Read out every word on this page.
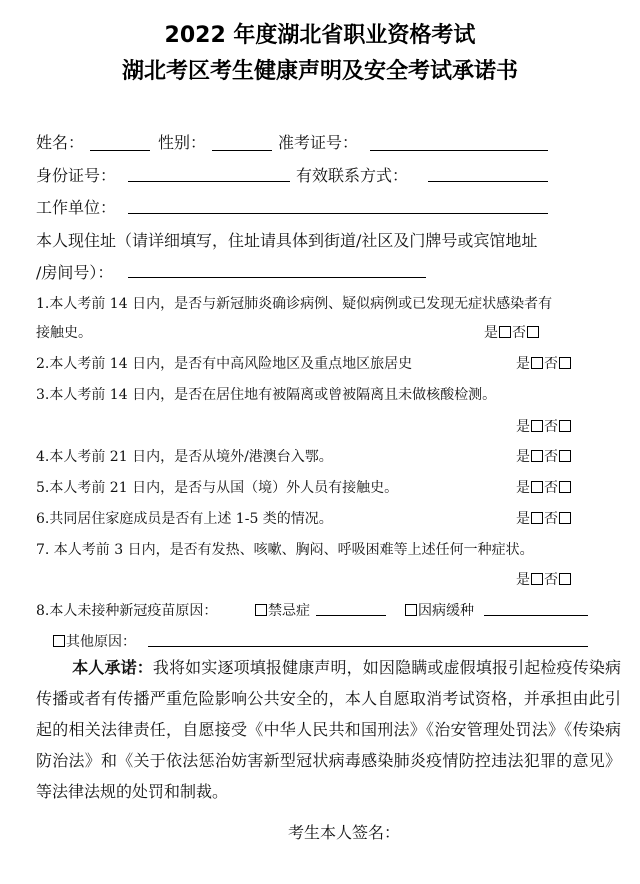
2022 年度湖北省职业资格考试
湖北考区考生健康声明及安全考试承诺书
姓名：	性别：	准考证号：
身份证号：	有效联系方式：
工作单位：
本人现住址（请详细填写，住址请具体到街道/社区及门牌号或宾馆地址
/房间号）：
1.本人考前 14 日内，是否与新冠肺炎确诊病例、疑似病例或已发现无症状感染者有
接触史。	是 否
2.本人考前 14 日内，是否有中高风险地区及重点地区旅居史	是 否
3.本人考前 14 日内，是否在居住地有被隔离或曾被隔离且未做核酸检测。
是 否
4.本人考前 21 日内，是否从境外/港澳台入鄂。	是 否
5.本人考前 21 日内，是否与从国（境）外人员有接触史。	是 否
6.共同居住家庭成员是否有上述 1-5 类的情况。	是 否
7. 本人考前 3 日内，是否有发热、咳嗽、胸闷、呼吸困难等上述任何一种症状。
是 否
8.本人未接种新冠疫苗原因：	禁忌症	因病缓种
其他原因：
本人承诺：我将如实逐项填报健康声明，如因隐瞒或虚假填报引起检疫传染病传播或者有传播严重危险影响公共安全的，本人自愿取消考试资格，并承担由此引起的相关法律责任，自愿接受《中华人民共和国刑法》《治安管理处罚法》《传染病防治法》和《关于依法惩治妨害新型冠状病毒感染肺炎疫情防控违法犯罪的意见》等法律法规的处罚和制裁。
考生本人签名：
